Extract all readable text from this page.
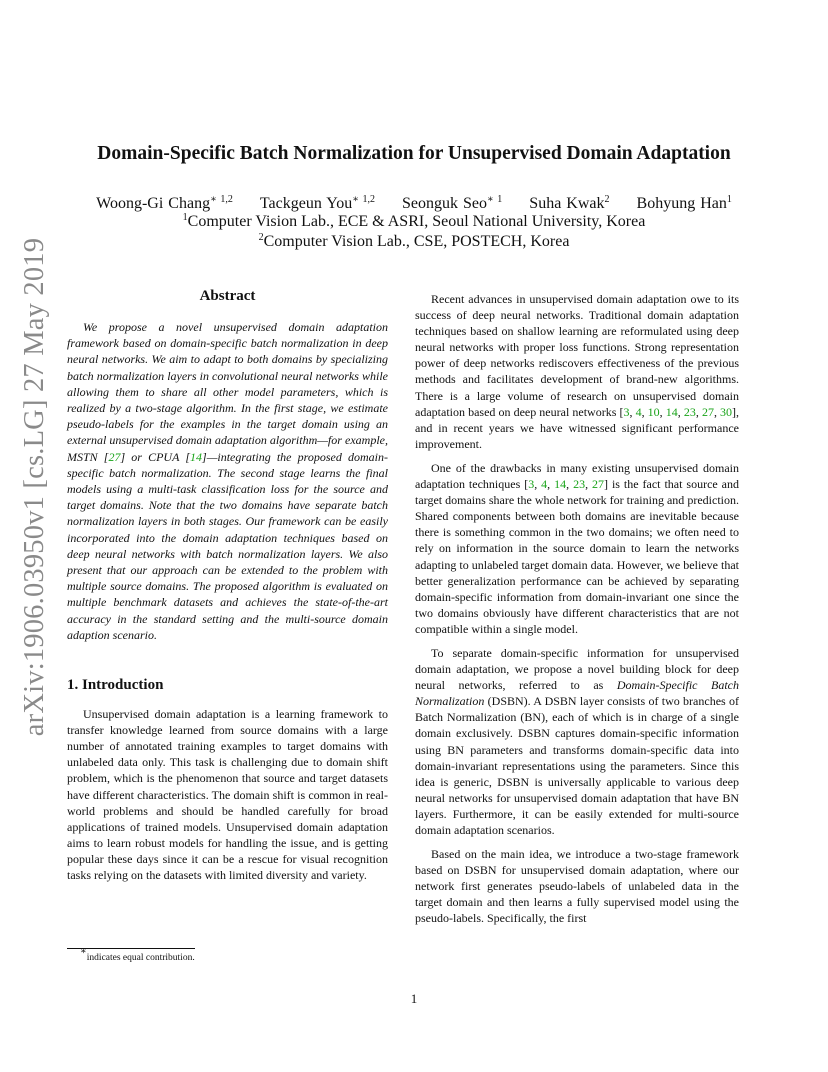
arXiv:1906.03950v1 [cs.LG] 27 May 2019
Domain-Specific Batch Normalization for Unsupervised Domain Adaptation
Woong-Gi Chang$^{∗ 1,2}$ Tackgeun You$^{∗ 1,2}$ Seonguk Seo$^{∗ 1}$ Suha Kwak$^2$ Bohyung Han$^1$
$^1$Computer Vision Lab., ECE & ASRI, Seoul National University, Korea
$^2$Computer Vision Lab., CSE, POSTECH, Korea
Abstract

We propose a novel unsupervised domain adaptation framework based on domain-specific batch normalization in deep neural networks. We aim to adapt to both domains by specializing batch normalization layers in convolutional neural networks while allowing them to share all other model parameters, which is realized by a two-stage algorithm. In the first stage, we estimate pseudo-labels for the examples in the target domain using an external unsupervised domain adaptation algorithm—for example, MSTN [27] or CPUA [14]—integrating the proposed domain-specific batch normalization. The second stage learns the final models using a multi-task classification loss for the source and target domains. Note that the two domains have separate batch normalization layers in both stages. Our framework can be easily incorporated into the domain adaptation techniques based on deep neural networks with batch normalization layers. We also present that our approach can be extended to the problem with multiple source domains. The proposed algorithm is evaluated on multiple benchmark datasets and achieves the state-of-the-art accuracy in the standard setting and the multi-source domain adaption scenario.

1. Introduction

Unsupervised domain adaptation is a learning framework to transfer knowledge learned from source domains with a large number of annotated training examples to target domains with unlabeled data only. This task is challenging due to domain shift problem, which is the phenomenon that source and target datasets have different characteristics. The domain shift is common in real-world problems and should be handled carefully for broad applications of trained models. Unsupervised domain adaptation aims to learn robust models for handling the issue, and is getting popular these days since it can be a rescue for visual recognition tasks relying on the datasets with limited diversity and variety.

Recent advances in unsupervised domain adaptation owe to its success of deep neural networks. Traditional domain adaptation techniques based on shallow learning are reformulated using deep neural networks with proper loss functions. Strong representation power of deep networks rediscovers effectiveness of the previous methods and facilitates development of brand-new algorithms. There is a large volume of research on unsupervised domain adaptation based on deep neural networks [3, 4, 10, 14, 23, 27, 30], and in recent years we have witnessed significant performance improvement.

One of the drawbacks in many existing unsupervised domain adaptation techniques [3, 4, 14, 23, 27] is the fact that source and target domains share the whole network for training and prediction. Shared components between both domains are inevitable because there is something common in the two domains; we often need to rely on information in the source domain to learn the networks adapting to unlabeled target domain data. However, we believe that better generalization performance can be achieved by separating domain-specific information from domain-invariant one since the two domains obviously have different characteristics that are not compatible within a single model.

To separate domain-specific information for unsupervised domain adaptation, we propose a novel building block for deep neural networks, referred to as Domain-Specific Batch Normalization (DSBN). A DSBN layer consists of two branches of Batch Normalization (BN), each of which is in charge of a single domain exclusively. DSBN captures domain-specific information using BN parameters and transforms domain-specific data into domain-invariant representations using the parameters. Since this idea is generic, DSBN is universally applicable to various deep neural networks for unsupervised domain adaptation that have BN layers. Furthermore, it can be easily extended for multi-source domain adaptation scenarios.

Based on the main idea, we introduce a two-stage framework based on DSBN for unsupervised domain adaptation, where our network first generates pseudo-labels of unlabeled data in the target domain and then learns a fully supervised model using the pseudo-labels. Specifically, the first

∗indicates equal contribution.
1
